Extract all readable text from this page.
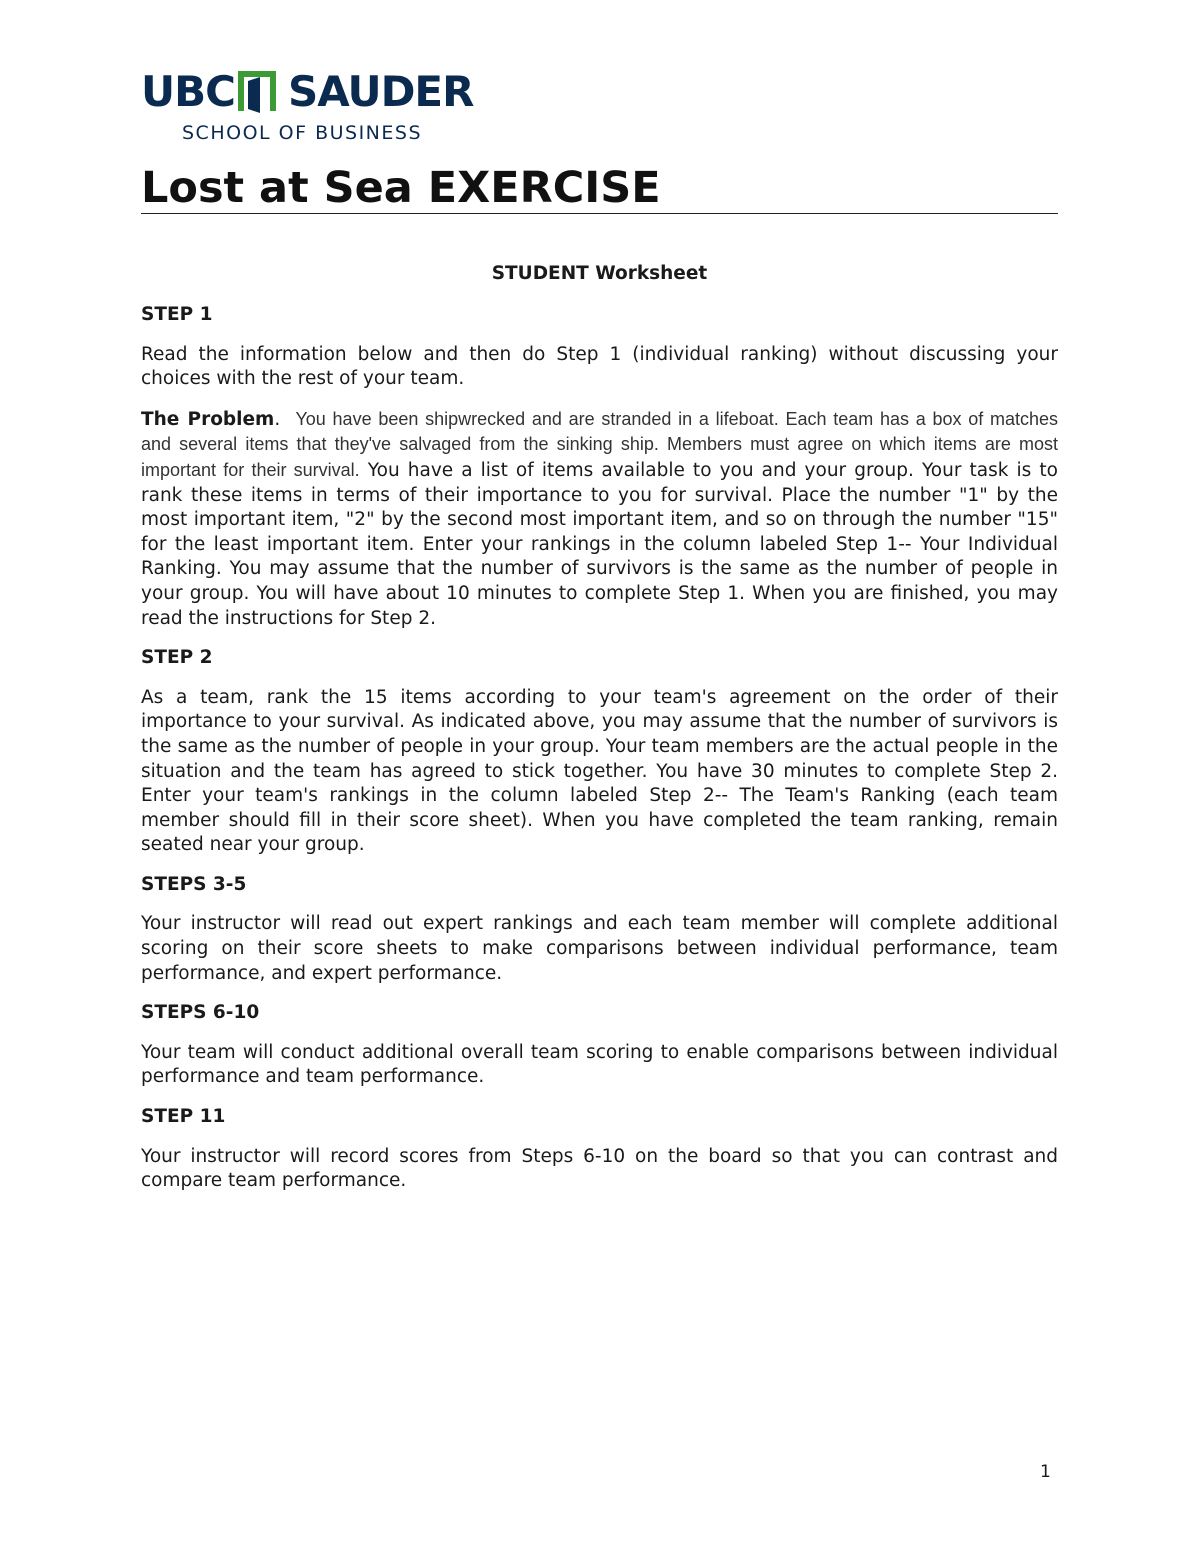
UBC SAUDER
SCHOOL OF BUSINESS
Lost at Sea EXERCISE
STUDENT Worksheet
STEP 1

Read the information below and then do Step 1 (individual ranking) without discussing your choices with the rest of your team.

The Problem. You have been shipwrecked and are stranded in a lifeboat. Each team has a box of matches and several items that they've salvaged from the sinking ship. Members must agree on which items are most important for their survival. You have a list of items available to you and your group. Your task is to rank these items in terms of their importance to you for survival. Place the number "1" by the most important item, "2" by the second most important item, and so on through the number "15" for the least important item. Enter your rankings in the column labeled Step 1-- Your Individual Ranking. You may assume that the number of survivors is the same as the number of people in your group. You will have about 10 minutes to complete Step 1. When you are finished, you may read the instructions for Step 2.

STEP 2

As a team, rank the 15 items according to your team's agreement on the order of their importance to your survival. As indicated above, you may assume that the number of survivors is the same as the number of people in your group. Your team members are the actual people in the situation and the team has agreed to stick together. You have 30 minutes to complete Step 2. Enter your team's rankings in the column labeled Step 2-- The Team's Ranking (each team member should fill in their score sheet). When you have completed the team ranking, remain seated near your group.

STEPS 3-5

Your instructor will read out expert rankings and each team member will complete additional scoring on their score sheets to make comparisons between individual performance, team performance, and expert performance.

STEPS 6-10

Your team will conduct additional overall team scoring to enable comparisons between individual performance and team performance.

STEP 11

Your instructor will record scores from Steps 6-10 on the board so that you can contrast and compare team performance.

1
